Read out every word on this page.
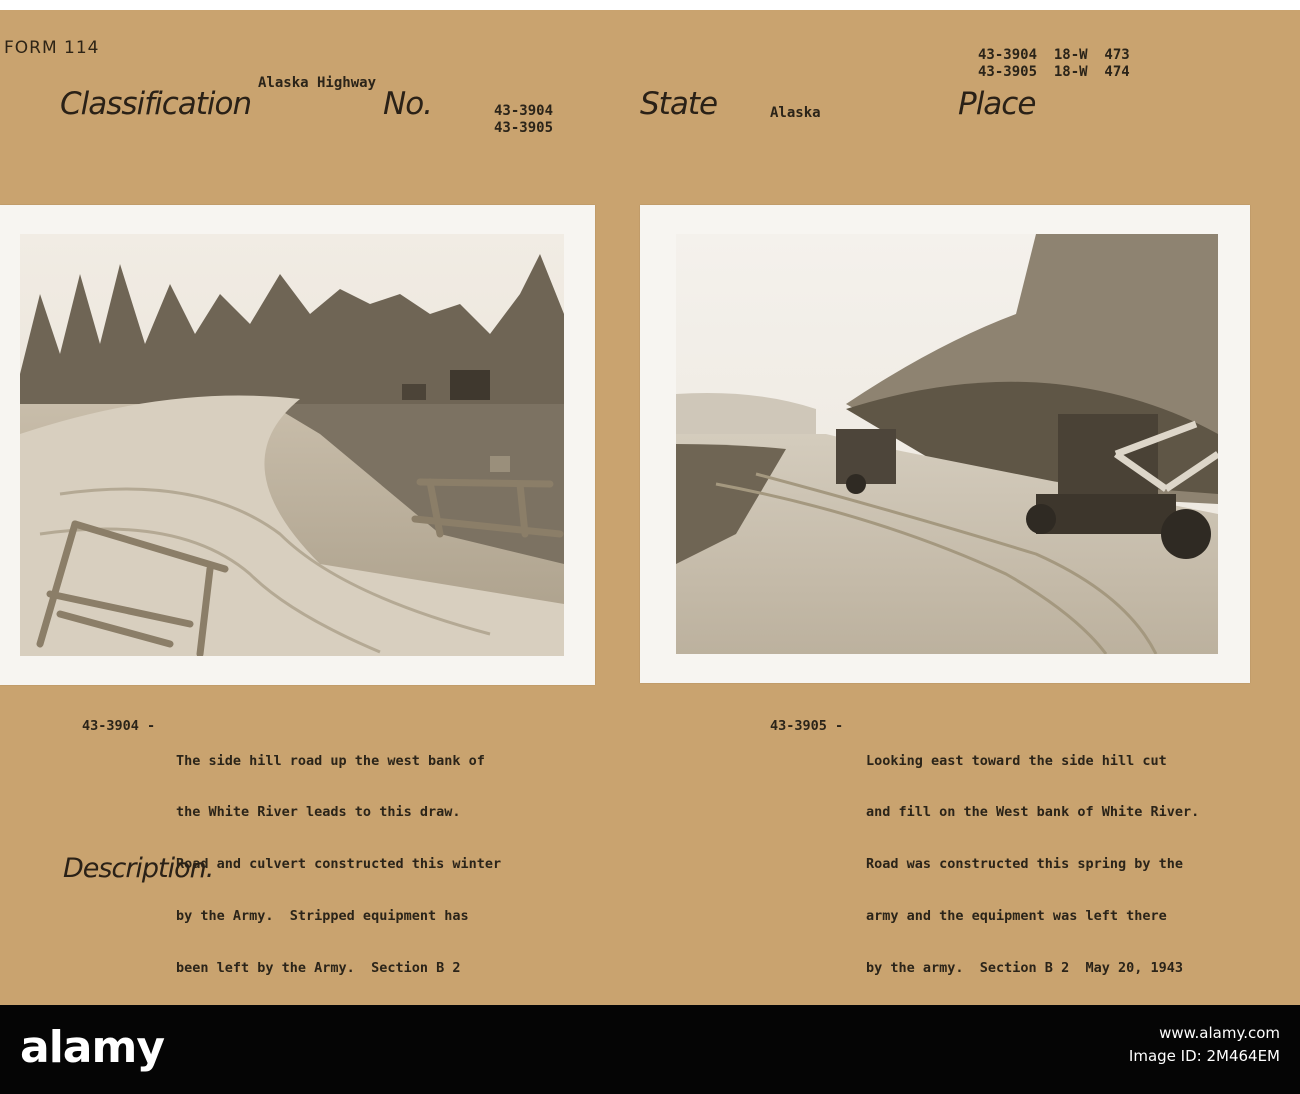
FORM 114
Alaska Highway
Classification	No.	43-3904
43-3905
State	Alaska	Place
43-3904  18-W  473
43-3905  18-W  474
43-3904 -

The side hill road up the west bank of

the White River leads to this draw.

Road and culvert constructed this winter

by the Army.  Stripped equipment has

been left by the Army.  Section B 2

43-3905 -

Looking east toward the side hill cut

and fill on the West bank of White River.

Road was constructed this spring by the

army and the equipment was left there

by the army.  Section B 2  May 20, 1943

Description.
alamy	www.alamy.com
Image ID: 2M464EM
